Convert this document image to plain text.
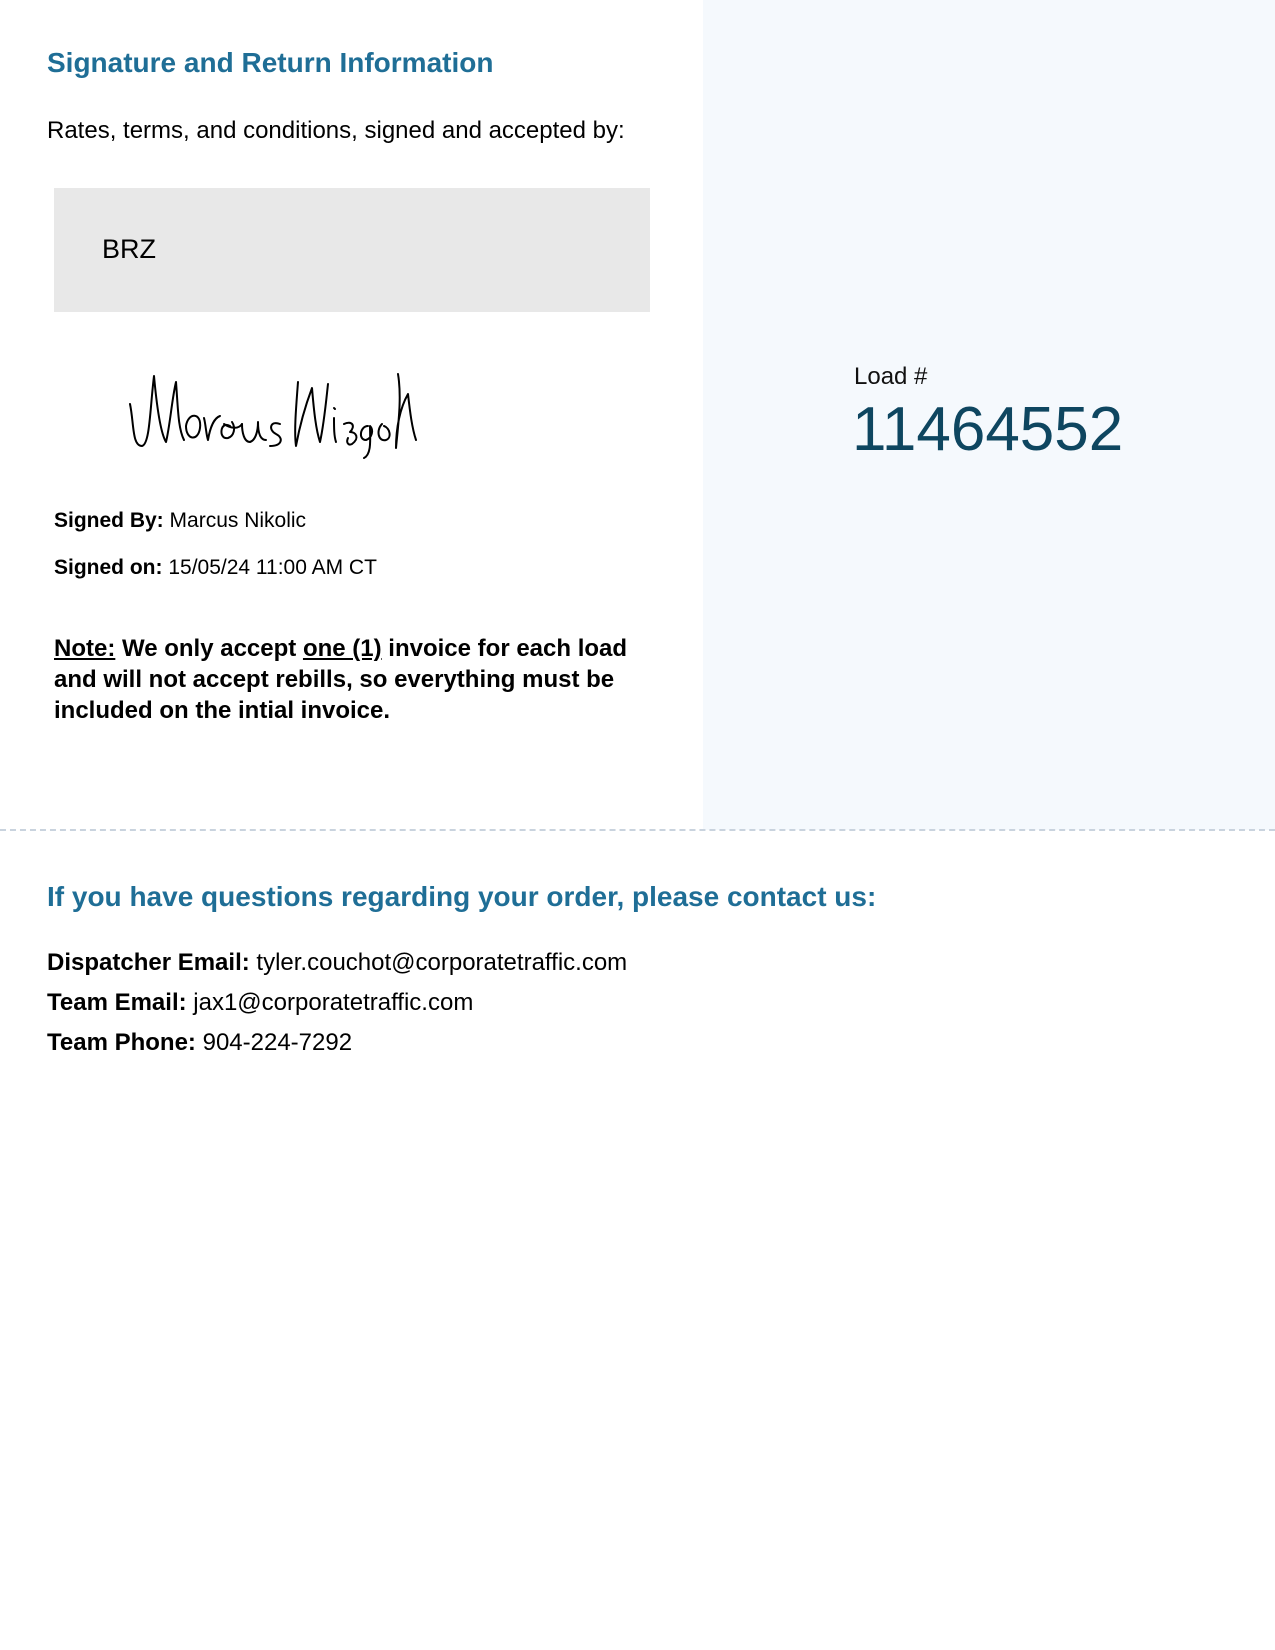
Signature and Return Information

Rates, terms, and conditions, signed and accepted by:

BRZ
Signed By: Marcus Nikolic
Signed on: 15/05/24 11:00 AM CT

Note: We only accept one (1) invoice for each load and will not accept rebills, so everything must be included on the intial invoice.

Load #
11464552
If you have questions regarding your order, please contact us:
Dispatcher Email: tyler.couchot@corporatetraffic.com
Team Email: jax1@corporatetraffic.com
Team Phone: 904-224-7292
